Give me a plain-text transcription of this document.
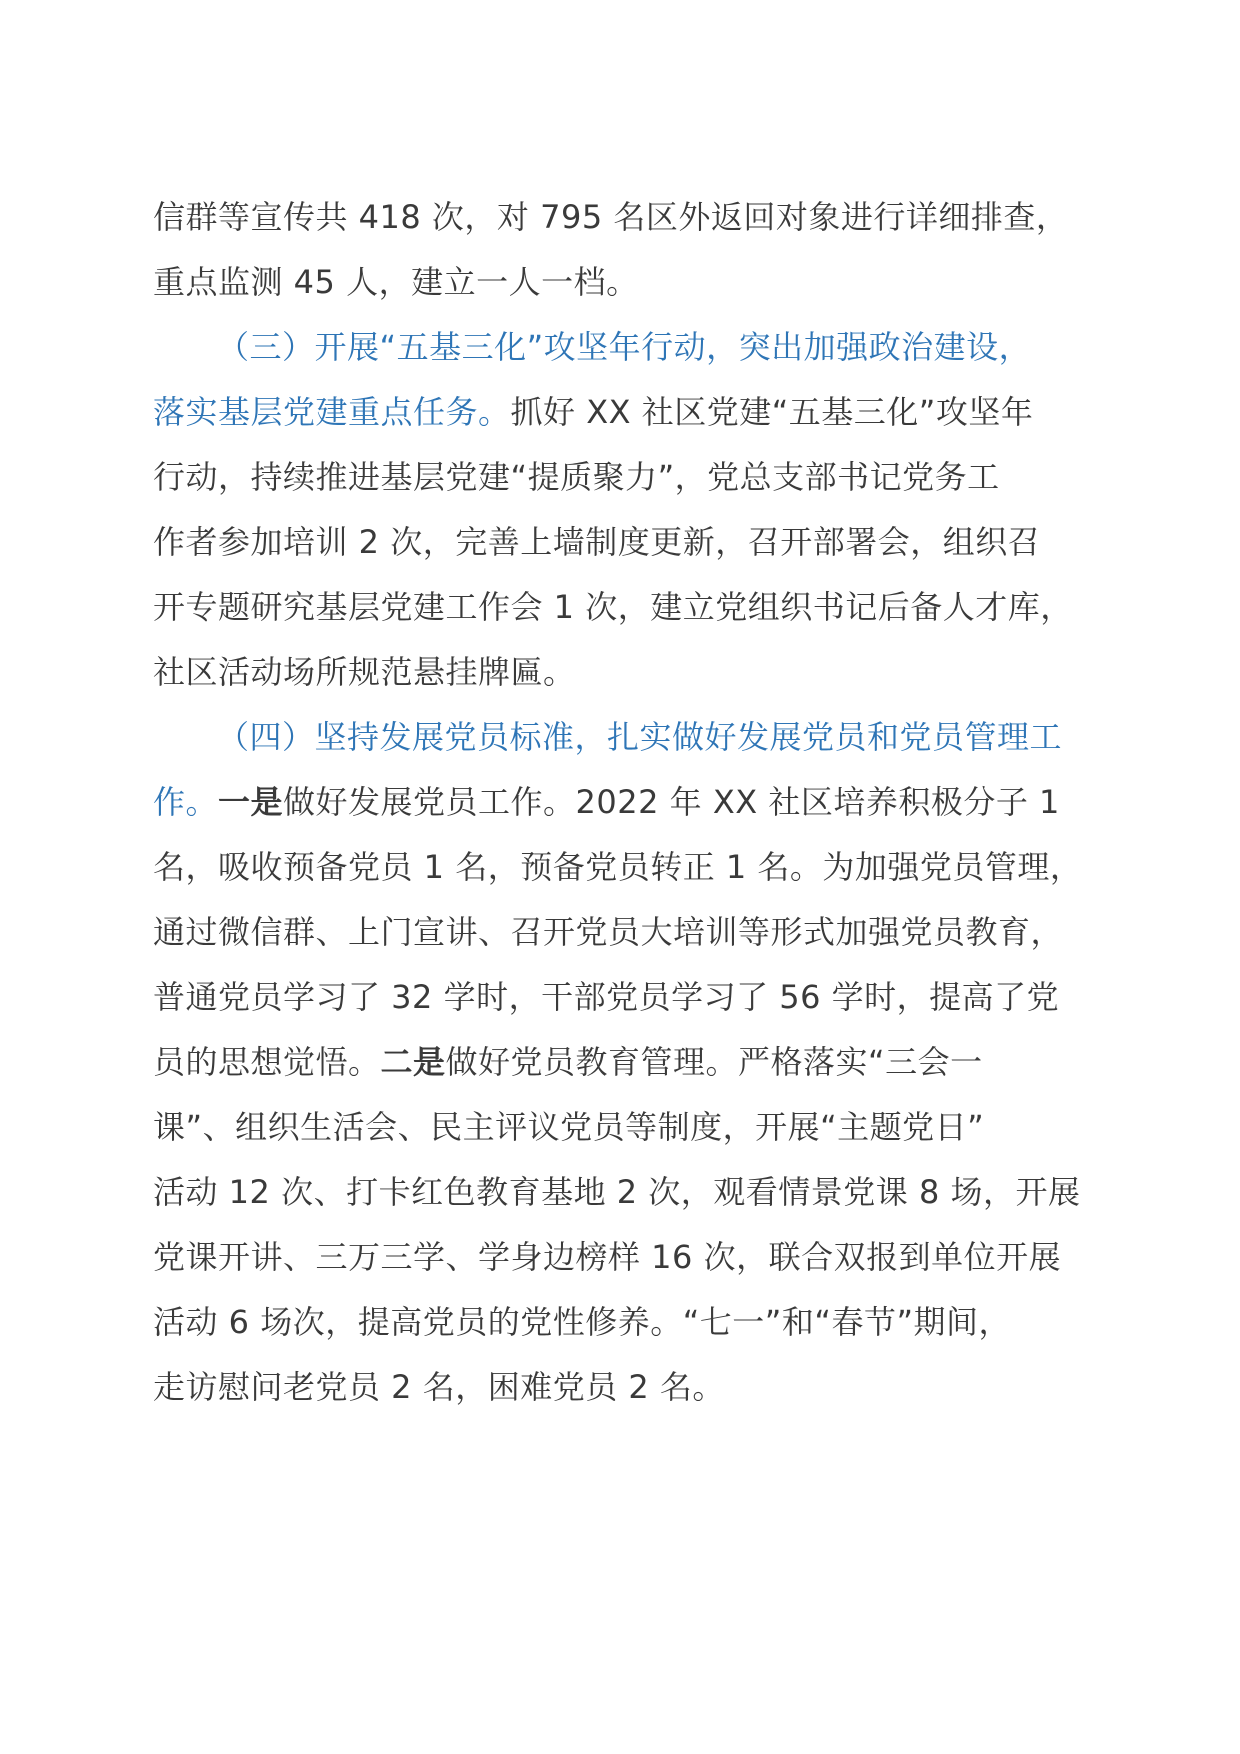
信群等宣传共 418 次，对 795 名区外返回对象进行详细排查，
重点监测 45 人，建立一人一档。
（三）开展“五基三化”攻坚年行动，突出加强政治建设，
落实基层党建重点任务。抓好 XX 社区党建“五基三化”攻坚年
行动，持续推进基层党建“提质聚力”，党总支部书记党务工
作者参加培训 2 次，完善上墙制度更新，召开部署会，组织召
开专题研究基层党建工作会 1 次，建立党组织书记后备人才库，
社区活动场所规范悬挂牌匾。
（四）坚持发展党员标准，扎实做好发展党员和党员管理工
作。一是做好发展党员工作。2022 年 XX 社区培养积极分子 1
名，吸收预备党员 1 名，预备党员转正 1 名。为加强党员管理，
通过微信群、上门宣讲、召开党员大培训等形式加强党员教育，
普通党员学习了 32 学时，干部党员学习了 56 学时，提高了党
员的思想觉悟。二是做好党员教育管理。严格落实“三会一
课”、组织生活会、民主评议党员等制度，开展“主题党日”
活动 12 次、打卡红色教育基地 2 次，观看情景党课 8 场，开展
党课开讲、三万三学、学身边榜样 16 次，联合双报到单位开展
活动 6 场次，提高党员的党性修养。“七一”和“春节”期间，
走访慰问老党员 2 名，困难党员 2 名。
